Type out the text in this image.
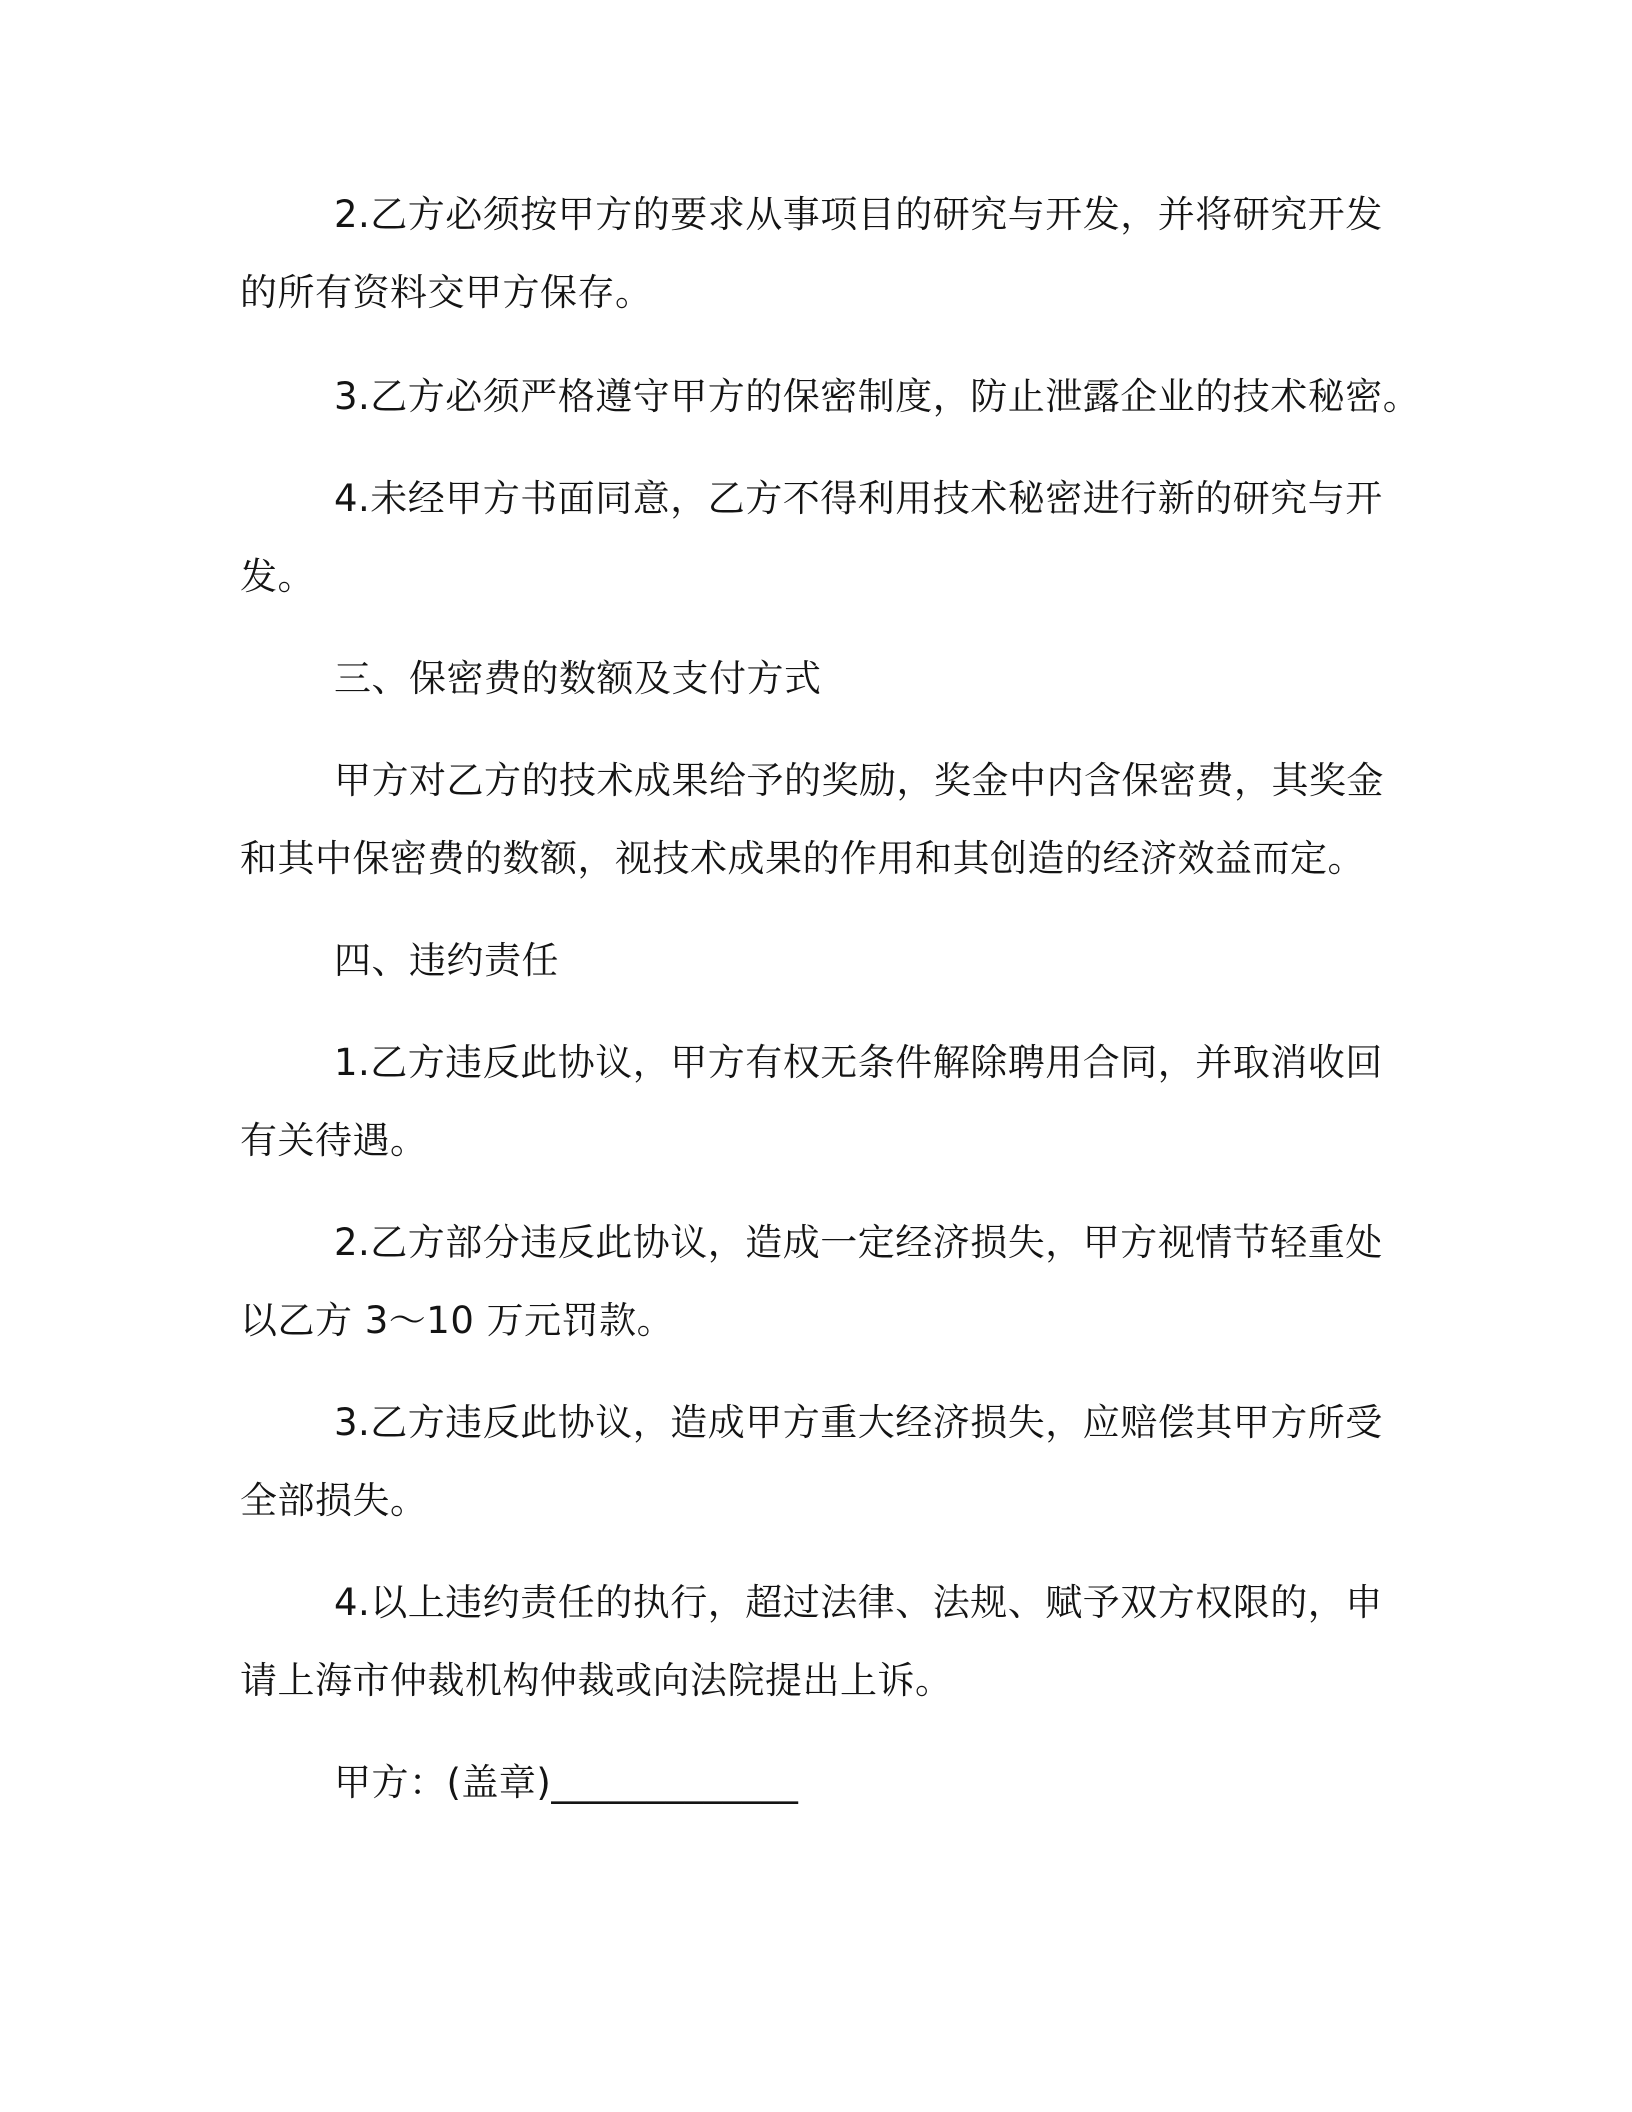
2.乙方必须按甲方的要求从事项目的研究与开发，并将研究开发
的所有资料交甲方保存。
3.乙方必须严格遵守甲方的保密制度，防止泄露企业的技术秘密。
4.未经甲方书面同意，乙方不得利用技术秘密进行新的研究与开
发。
三、保密费的数额及支付方式
甲方对乙方的技术成果给予的奖励，奖金中内含保密费，其奖金
和其中保密费的数额，视技术成果的作用和其创造的经济效益而定。
四、违约责任
1.乙方违反此协议，甲方有权无条件解除聘用合同，并取消收回
有关待遇。
2.乙方部分违反此协议，造成一定经济损失，甲方视情节轻重处
以乙方 3～10 万元罚款。
3.乙方违反此协议，造成甲方重大经济损失，应赔偿其甲方所受
全部损失。
4.以上违约责任的执行，超过法律、法规、赋予双方权限的，申
请上海市仲裁机构仲裁或向法院提出上诉。
甲方：(盖章)_____________
